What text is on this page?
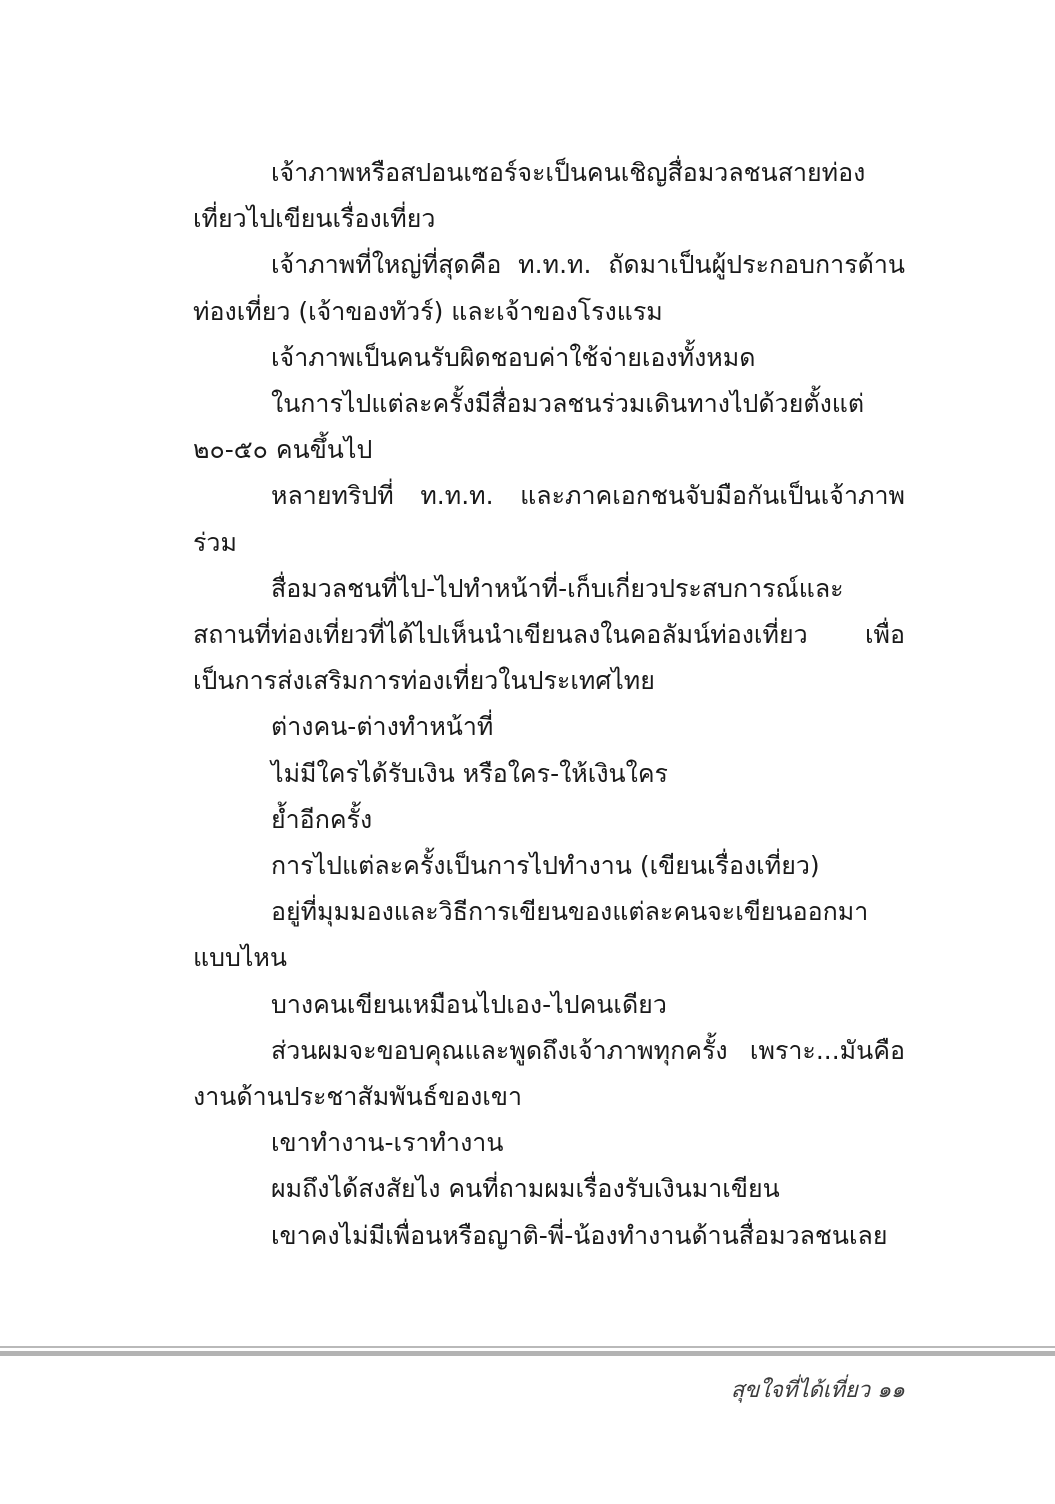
เจ้าภาพหรือสปอนเซอร์จะเป็นคนเชิญสื่อมวลชนสายท่องเที่ยวไปเขียนเรื่องเที่ยว

เจ้าภาพที่ใหญ่ที่สุดคือ ท.ท.ท. ถัดมาเป็นผู้ประกอบการด้านท่องเที่ยว (เจ้าของทัวร์) และเจ้าของโรงแรม

เจ้าภาพเป็นคนรับผิดชอบค่าใช้จ่ายเองทั้งหมด

ในการไปแต่ละครั้งมีสื่อมวลชนร่วมเดินทางไปด้วยตั้งแต่ ๒๐-๕๐ คนขึ้นไป

หลายทริปที่ ท.ท.ท. และภาคเอกชนจับมือกันเป็นเจ้าภาพร่วม

สื่อมวลชนที่ไป-ไปทำหน้าที่-เก็บเกี่ยวประสบการณ์และสถานที่ท่องเที่ยวที่ได้ไปเห็นนำเขียนลงในคอลัมน์ท่องเที่ยว เพื่อเป็นการส่งเสริมการท่องเที่ยวในประเทศไทย

ต่างคน-ต่างทำหน้าที่

ไม่มีใครได้รับเงิน หรือใคร-ให้เงินใคร

ย้ำอีกครั้ง

การไปแต่ละครั้งเป็นการไปทำงาน (เขียนเรื่องเที่ยว)

อยู่ที่มุมมองและวิธีการเขียนของแต่ละคนจะเขียนออกมาแบบไหน

บางคนเขียนเหมือนไปเอง-ไปคนเดียว

ส่วนผมจะขอบคุณและพูดถึงเจ้าภาพทุกครั้ง เพราะ...มันคืองานด้านประชาสัมพันธ์ของเขา

เขาทำงาน-เราทำงาน

ผมถึงได้สงสัยไง คนที่ถามผมเรื่องรับเงินมาเขียน

เขาคงไม่มีเพื่อนหรือญาติ-พี่-น้องทำงานด้านสื่อมวลชนเลย

สุขใจที่ได้เที่ยว ๑๑
